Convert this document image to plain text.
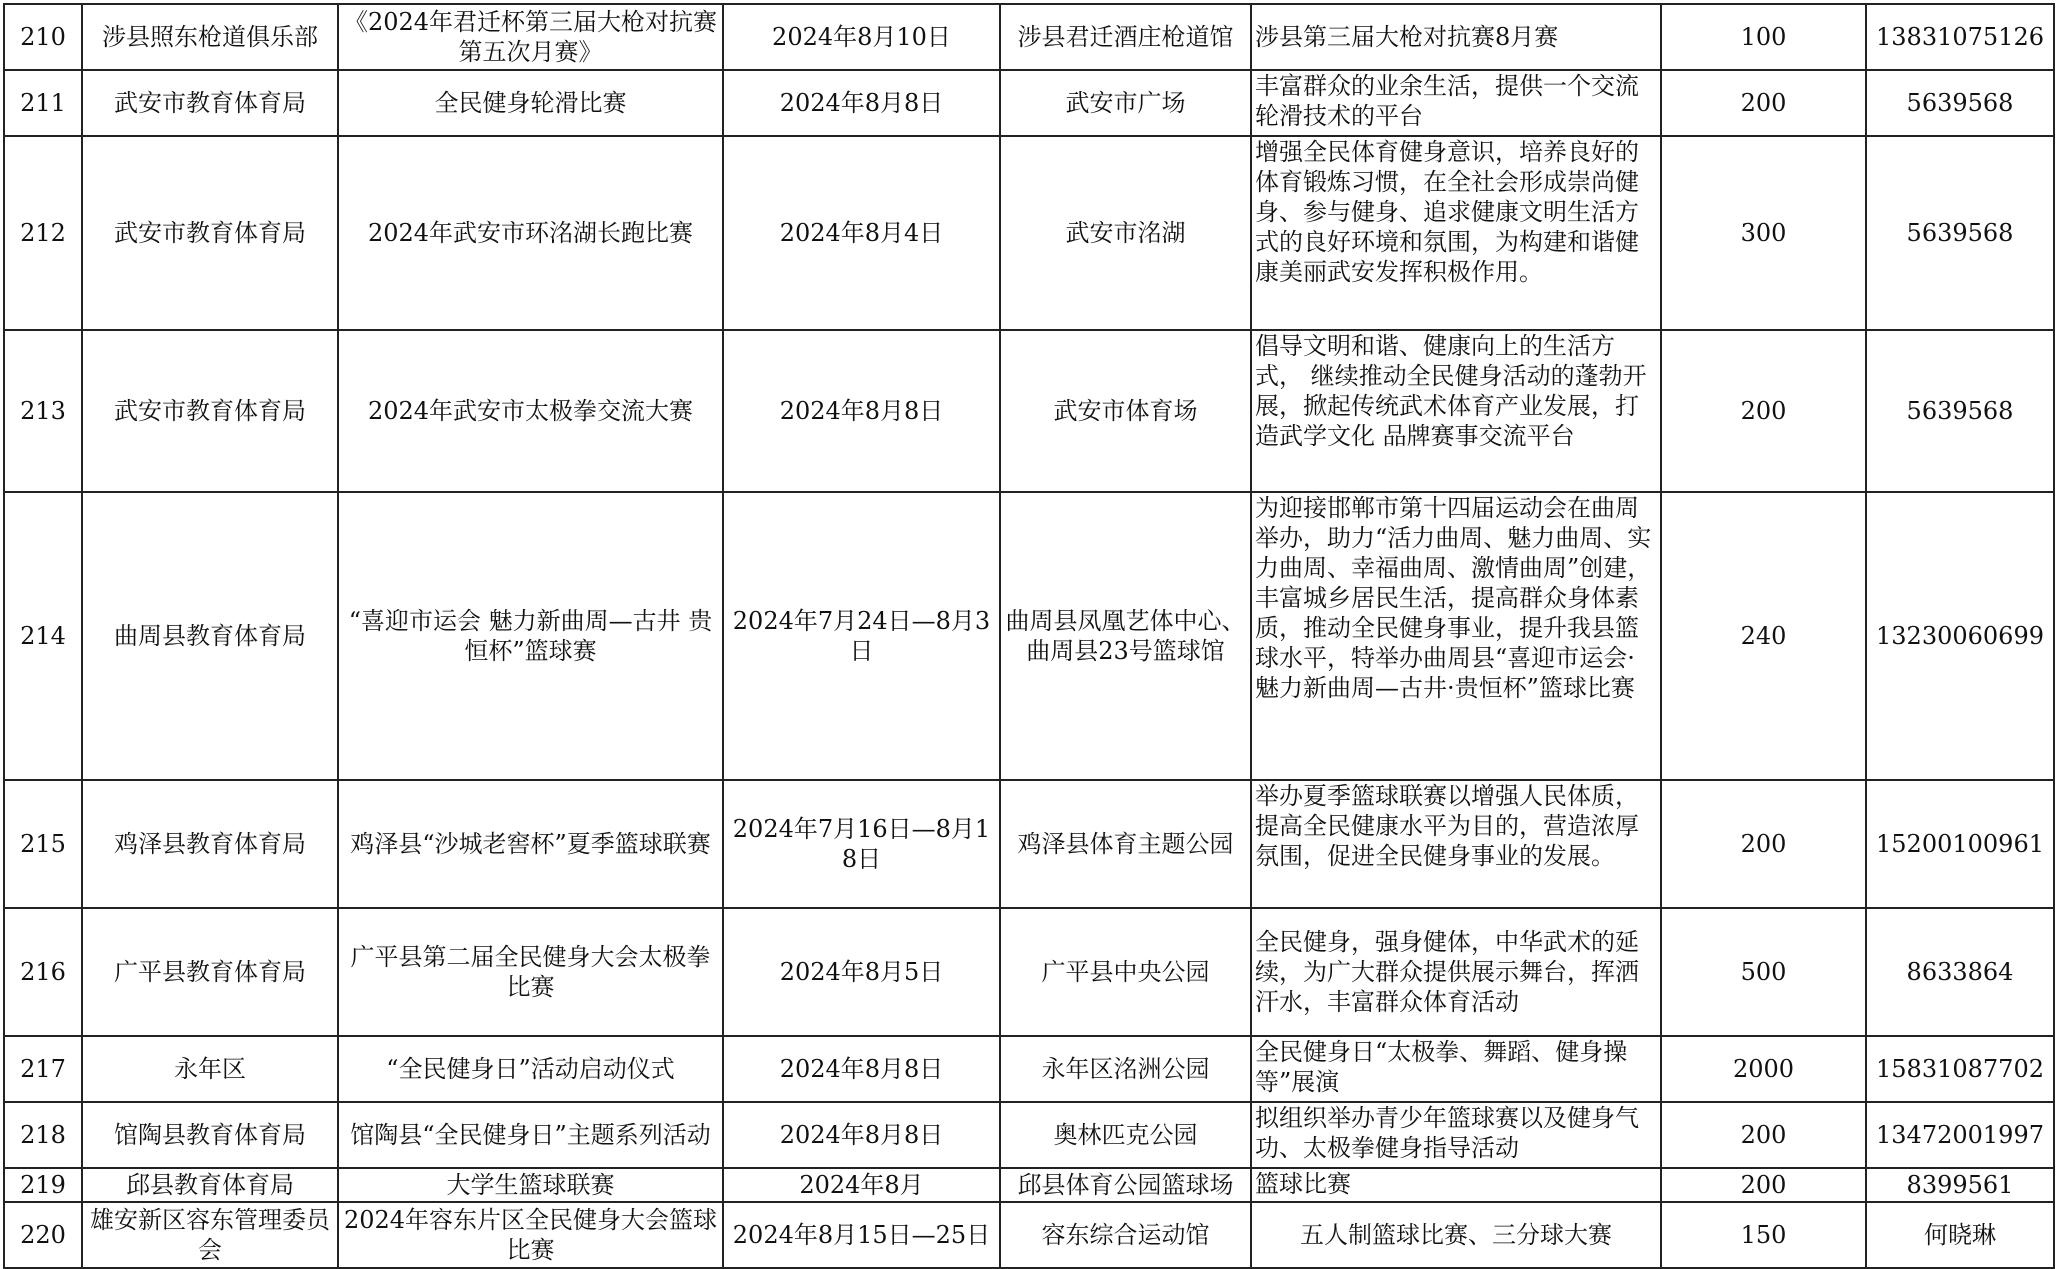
210	涉县照东枪道俱乐部	《2024年君迁杯第三届大枪对抗赛第五次月赛》	2024年8月10日	涉县君迁酒庄枪道馆	涉县第三届大枪对抗赛8月赛	100	13831075126
211	武安市教育体育局	全民健身轮滑比赛	2024年8月8日	武安市广场	丰富群众的业余生活，提供一个交流轮滑技术的平台	200	5639568
212	武安市教育体育局	2024年武安市环洺湖长跑比赛	2024年8月4日	武安市洺湖	增强全民体育健身意识，培养良好的体育锻炼习惯，在全社会形成崇尚健身、参与健身、追求健康文明生活方式的良好环境和氛围，为构建和谐健康美丽武安发挥积极作用。	300	5639568
213	武安市教育体育局	2024年武安市太极拳交流大赛	2024年8月8日	武安市体育场	倡导文明和谐、健康向上的生活方式， 继续推动全民健身活动的蓬勃开展，掀起传统武术体育产业发展，打造武学文化 品牌赛事交流平台	200	5639568
214	曲周县教育体育局	“喜迎市运会 魅力新曲周—古井 贵恒杯”篮球赛	2024年7月24日—8月3日	曲周县凤凰艺体中心、曲周县23号篮球馆	为迎接邯郸市第十四届运动会在曲周举办，助力“活力曲周、魅力曲周、实力曲周、幸福曲周、激情曲周”创建，丰富城乡居民生活，提高群众身体素质，推动全民健身事业，提升我县篮球水平，特举办曲周县“喜迎市运会·魅力新曲周—古井·贵恒杯”篮球比赛	240	13230060699
215	鸡泽县教育体育局	鸡泽县“沙城老窖杯”夏季篮球联赛	2024年7月16日—8月18日	鸡泽县体育主题公园	举办夏季篮球联赛以增强人民体质，提高全民健康水平为目的，营造浓厚氛围，促进全民健身事业的发展。	200	15200100961
216	广平县教育体育局	广平县第二届全民健身大会太极拳比赛	2024年8月5日	广平县中央公园	全民健身，强身健体，中华武术的延续，为广大群众提供展示舞台，挥洒汗水，丰富群众体育活动	500	8633864
217	永年区	“全民健身日”活动启动仪式	2024年8月8日	永年区洺洲公园	全民健身日“太极拳、舞蹈、健身操等”展演	2000	15831087702
218	馆陶县教育体育局	馆陶县“全民健身日”主题系列活动	2024年8月8日	奥林匹克公园	拟组织举办青少年篮球赛以及健身气功、太极拳健身指导活动	200	13472001997
219	邱县教育体育局	大学生篮球联赛	2024年8月	邱县体育公园篮球场	篮球比赛	200	8399561
220	雄安新区容东管理委员会	2024年容东片区全民健身大会篮球比赛	2024年8月15日—25日	容东综合运动馆	五人制篮球比赛、三分球大赛	150	何晓琳
